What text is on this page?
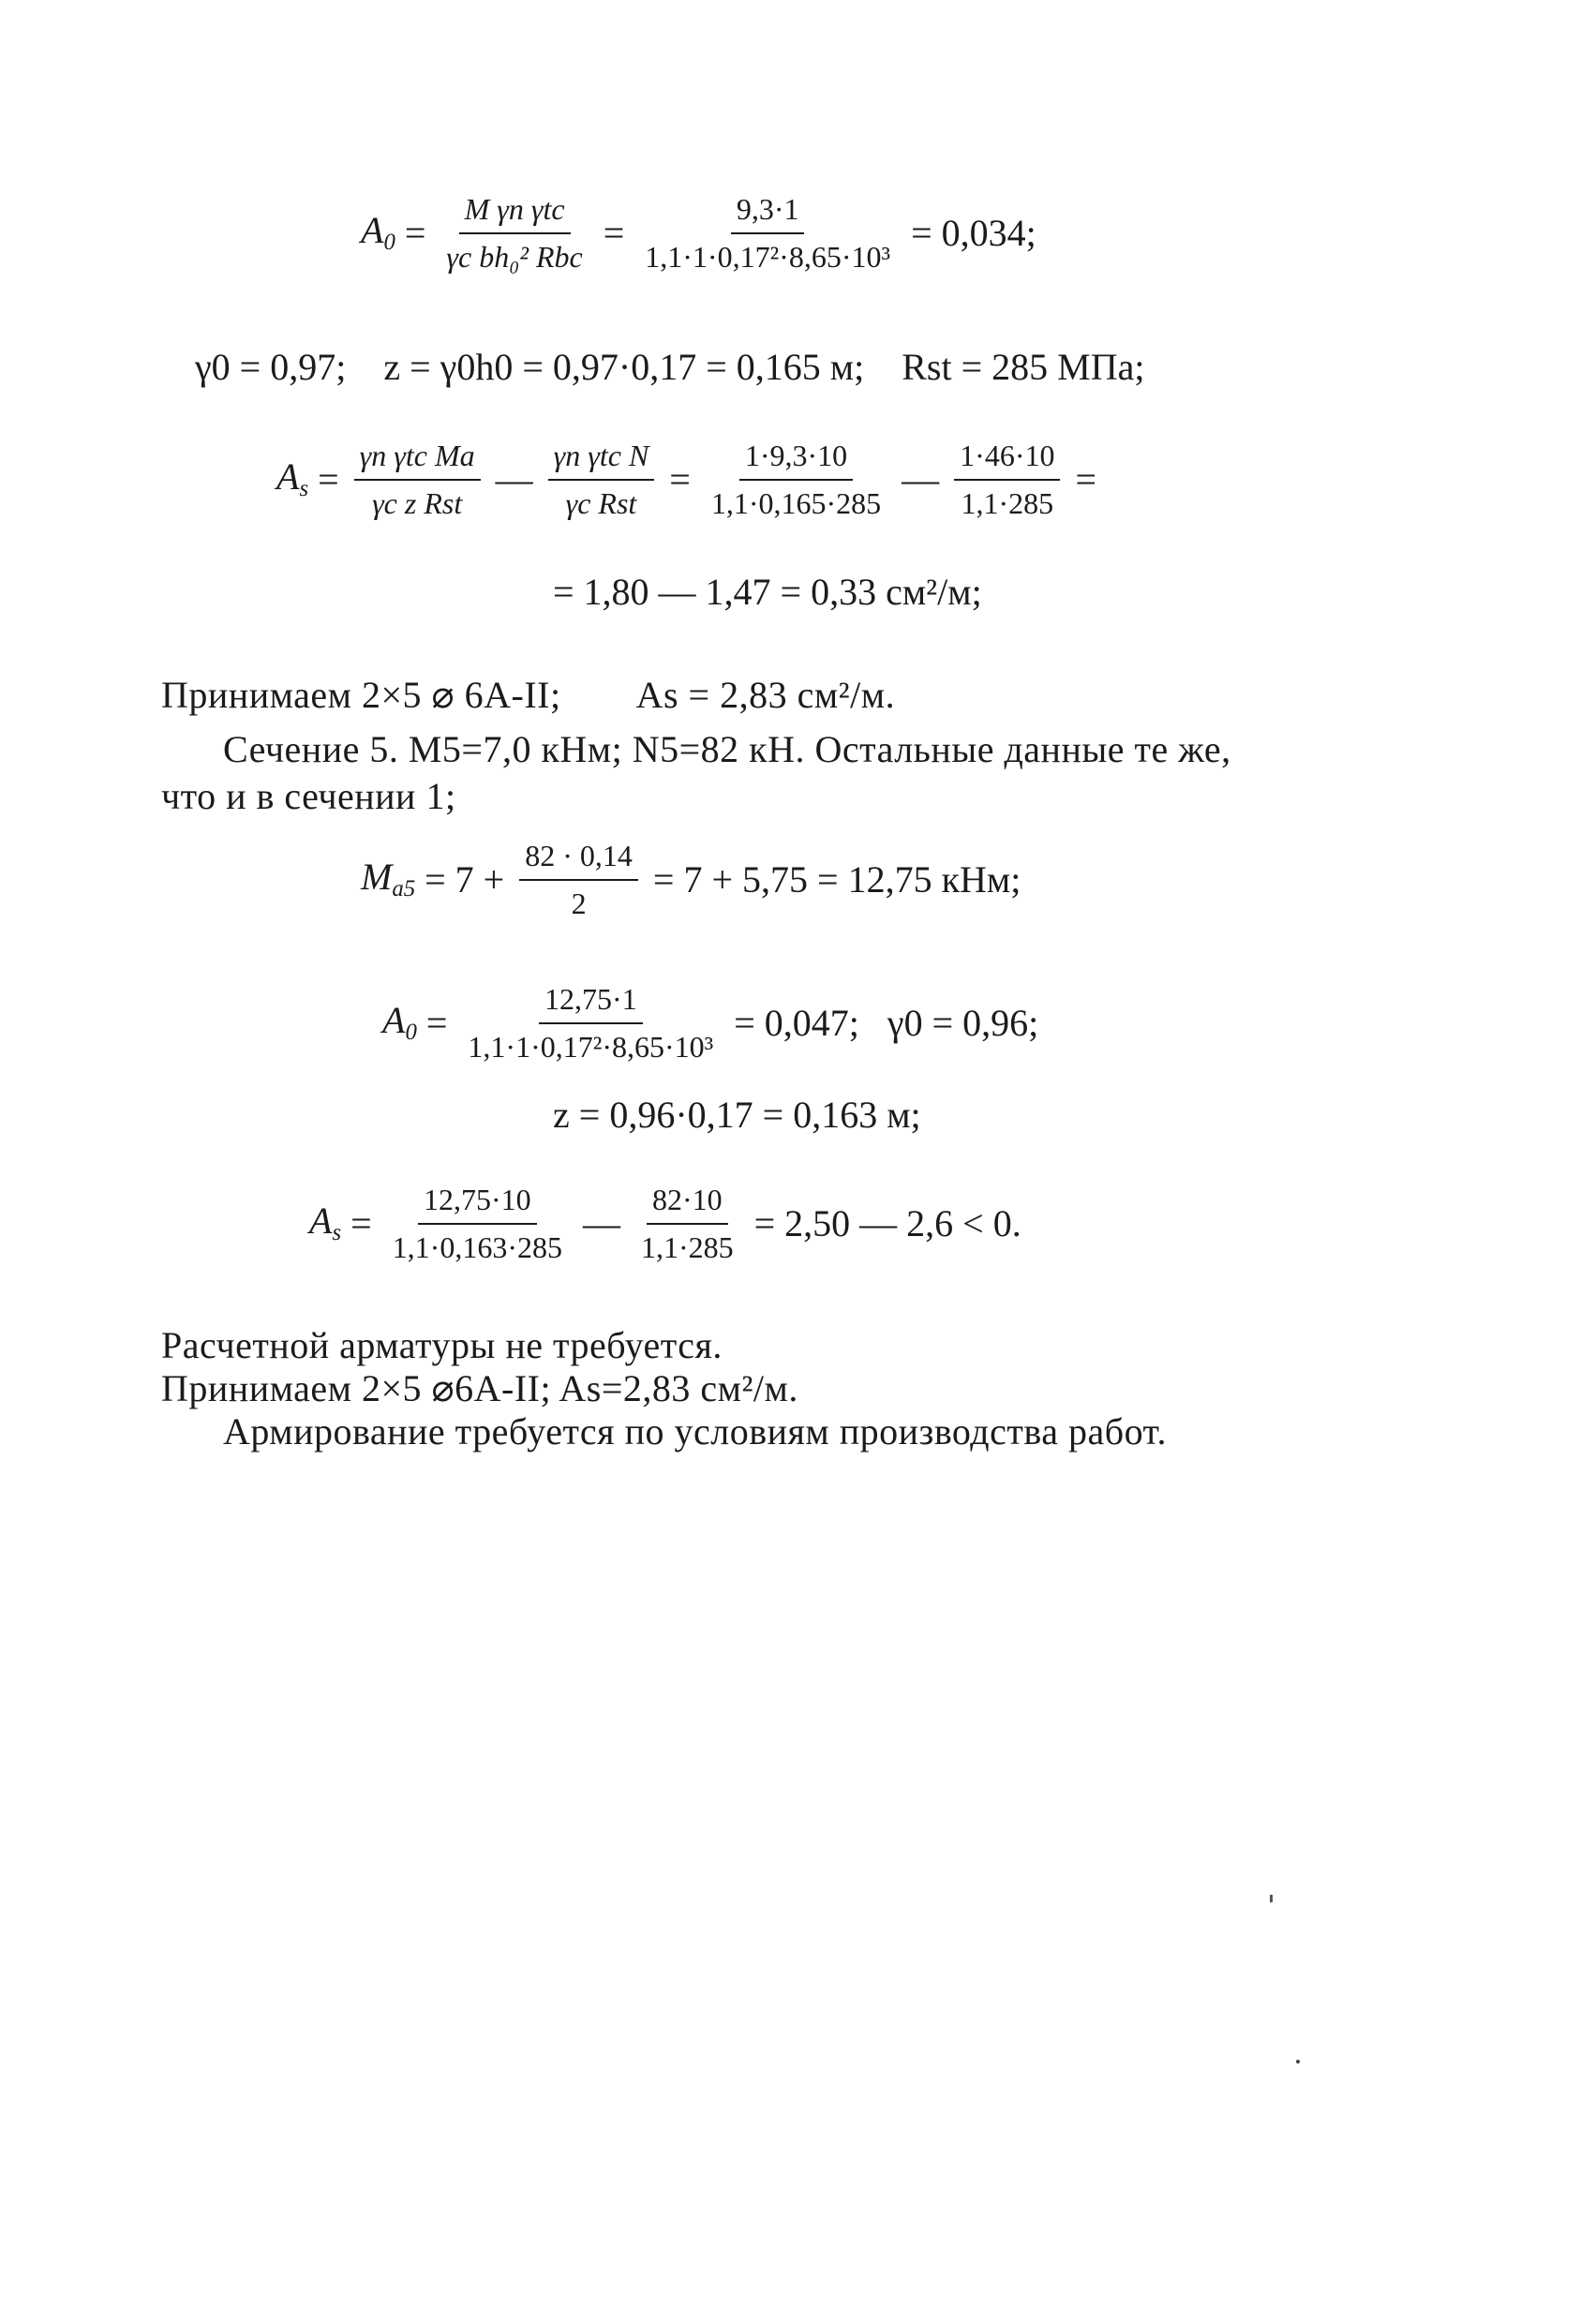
$A_0 = \frac{\text{M γn γtc}}{\text{γc bh₀² Rbc}} = \frac{9,3\cdot 1}{\text{1,1·1·0,17²·8,65·10³}} = 0,034$;
γ0 = 0,97; z = γ0h0 = 0,97·0,17 = 0,165 м; Rst = 285 МПа;
$A_s = \frac{\text{γn γtc Ma}}{\text{γc z Rst}}$ — $\frac{\text{γn γtc N}}{\text{γc Rst}} = \frac{1\cdot 9,3\cdot 10}{1,1\cdot 0,165\cdot 285}$ — $\frac{1\cdot 46\cdot 10}{1,1\cdot 285}$ =
= 1,80 — 1,47 = 0,33 см²/м;
Принимаем 2×5 ⌀ 6А-II; As = 2,83 см²/м.
Сечение 5. M5=7,0 кНм; N5=82 кН. Остальные данные те же,
что и в сечении 1;
$M_{a5} = 7 + \frac{82 \cdot 0,14}{2} = 7 + 5,75 = 12,75$ кНм;
$A_0 = \frac{12,75\cdot 1}{\text{1,1·1·0,17²·8,65·10³}} = 0,047$; γ0 = 0,96;
z = 0,96·0,17 = 0,163 м;
$A_s = \frac{12,75\cdot 10}{1,1\cdot 0,163\cdot 285}$ — $\frac{82\cdot 10}{1,1\cdot 285} = 2,50$ — 2,6 < 0.
Расчетной арматуры не требуется.
Принимаем 2×5 ⌀6А-II; As=2,83 см²/м.
Армирование требуется по условиям производства работ.
